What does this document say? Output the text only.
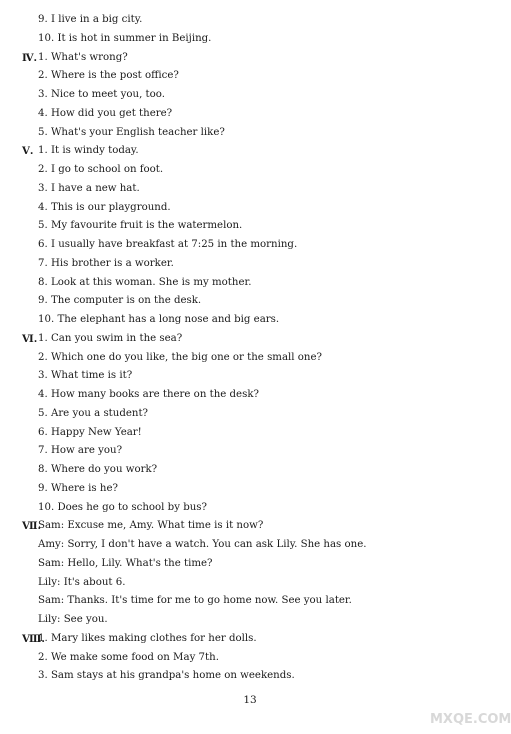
9. I live in a big city.
10. It is hot in summer in Beijing.
Ⅳ. 1. What's wrong?
2. Where is the post office?
3. Nice to meet you, too.
4. How did you get there?
5. What's your English teacher like?
Ⅴ. 1. It is windy today.
2. I go to school on foot.
3. I have a new hat.
4. This is our playground.
5. My favourite fruit is the watermelon.
6. I usually have breakfast at 7:25 in the morning.
7. His brother is a worker.
8. Look at this woman. She is my mother.
9. The computer is on the desk.
10. The elephant has a long nose and big ears.
Ⅵ. 1. Can you swim in the sea?
2. Which one do you like, the big one or the small one?
3. What time is it?
4. How many books are there on the desk?
5. Are you a student?
6. Happy New Year!
7. How are you?
8. Where do you work?
9. Where is he?
10. Does he go to school by bus?
Ⅶ.
Sam: Excuse me, Amy. What time is it now?
Amy: Sorry, I don't have a watch. You can ask Lily. She has one.
Sam: Hello, Lily. What's the time?
Lily: It's about 6.
Sam: Thanks. It's time for me to go home now. See you later.
Lily: See you.
Ⅷ.
1. Mary likes making clothes for her dolls.
2. We make some food on May 7th.
3. Sam stays at his grandpa's home on weekends.
13
MXQE.COM
